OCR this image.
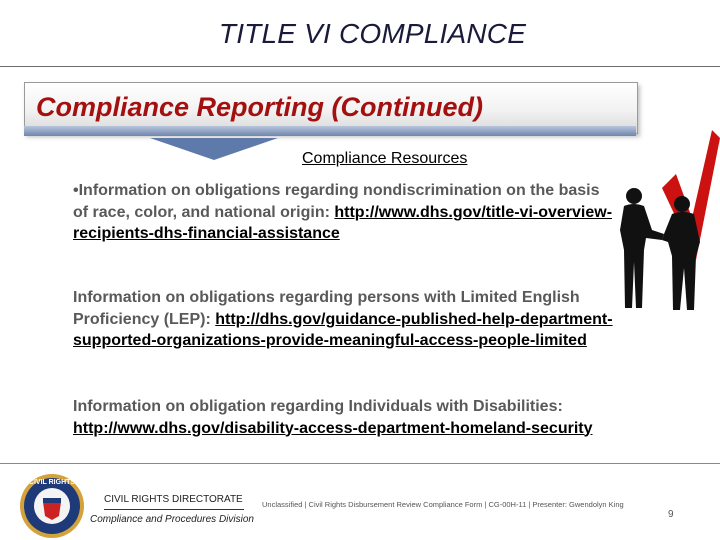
TITLE VI COMPLIANCE
Compliance Reporting (Continued)
Compliance Resources
•Information on obligations regarding nondiscrimination on the basis of race, color, and national origin: http://www.dhs.gov/title-vi-overview-recipients-dhs-financial-assistance
Information on obligations regarding persons with Limited English Proficiency (LEP): http://dhs.gov/guidance-published-help-department-supported-organizations-provide-meaningful-access-people-limited
Information on obligation regarding Individuals with Disabilities: http://www.dhs.gov/disability-access-department-homeland-security
CIVIL RIGHTS
CIVIL RIGHTS DIRECTORATE
Compliance and Procedures Division
Unclassified | Civil Rights Disbursement Review Compliance Form | CG-00H-11 | Presenter: Gwendolyn King
9
